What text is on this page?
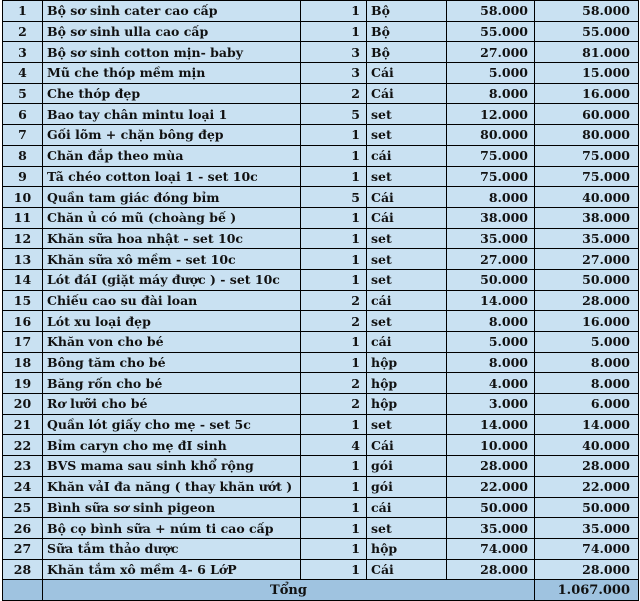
1	Bộ sơ sinh cater cao cấp	1	Bộ	58.000	58.000
2	Bộ sơ sinh ulla cao cấp	1	Bộ	55.000	55.000
3	Bộ sơ sinh cotton mịn- baby	3	Bộ	27.000	81.000
4	Mũ che thóp mềm mịn	3	Cái	5.000	15.000
5	Che thóp đẹp	2	Cái	8.000	16.000
6	Bao tay chân mintu loại 1	5	set	12.000	60.000
7	Gối lõm + chặn bông đẹp	1	set	80.000	80.000
8	Chăn đắp theo mùa	1	cái	75.000	75.000
9	Tã chéo cotton loại 1 - set 10c	1	set	75.000	75.000
10	Quần tam giác đóng bỉm	5	Cái	8.000	40.000
11	Chăn ủ có mũ (choàng bế )	1	Cái	38.000	38.000
12	Khăn sữa hoa nhật - set 10c	1	set	35.000	35.000
13	Khăn sữa xô mềm - set 10c	1	set	27.000	27.000
14	Lót đáI (giặt máy được ) - set 10c	1	set	50.000	50.000
15	Chiếu cao su đài loan	2	cái	14.000	28.000
16	Lót xu loại đẹp	2	set	8.000	16.000
17	Khăn von cho bé	1	cái	5.000	5.000
18	Bông tăm cho bé	1	hộp	8.000	8.000
19	Băng rốn cho bé	2	hộp	4.000	8.000
20	Rơ lưỡi cho bé	2	hộp	3.000	6.000
21	Quần lót giấy cho mẹ - set 5c	1	set	14.000	14.000
22	Bỉm caryn cho mẹ đI sinh	4	Cái	10.000	40.000
23	BVS mama sau sinh khổ rộng	1	gói	28.000	28.000
24	Khăn vảI đa năng ( thay khăn ướt )	1	gói	22.000	22.000
25	Bình sữa sơ sinh pigeon	1	cái	50.000	50.000
26	Bộ cọ bình sữa + núm ti cao cấp	1	set	35.000	35.000
27	Sữa tắm thảo dược	1	hộp	74.000	74.000
28	Khăn tắm xô mềm 4- 6 LớP	1	Cái	28.000	28.000
	Tổng				1.067.000
